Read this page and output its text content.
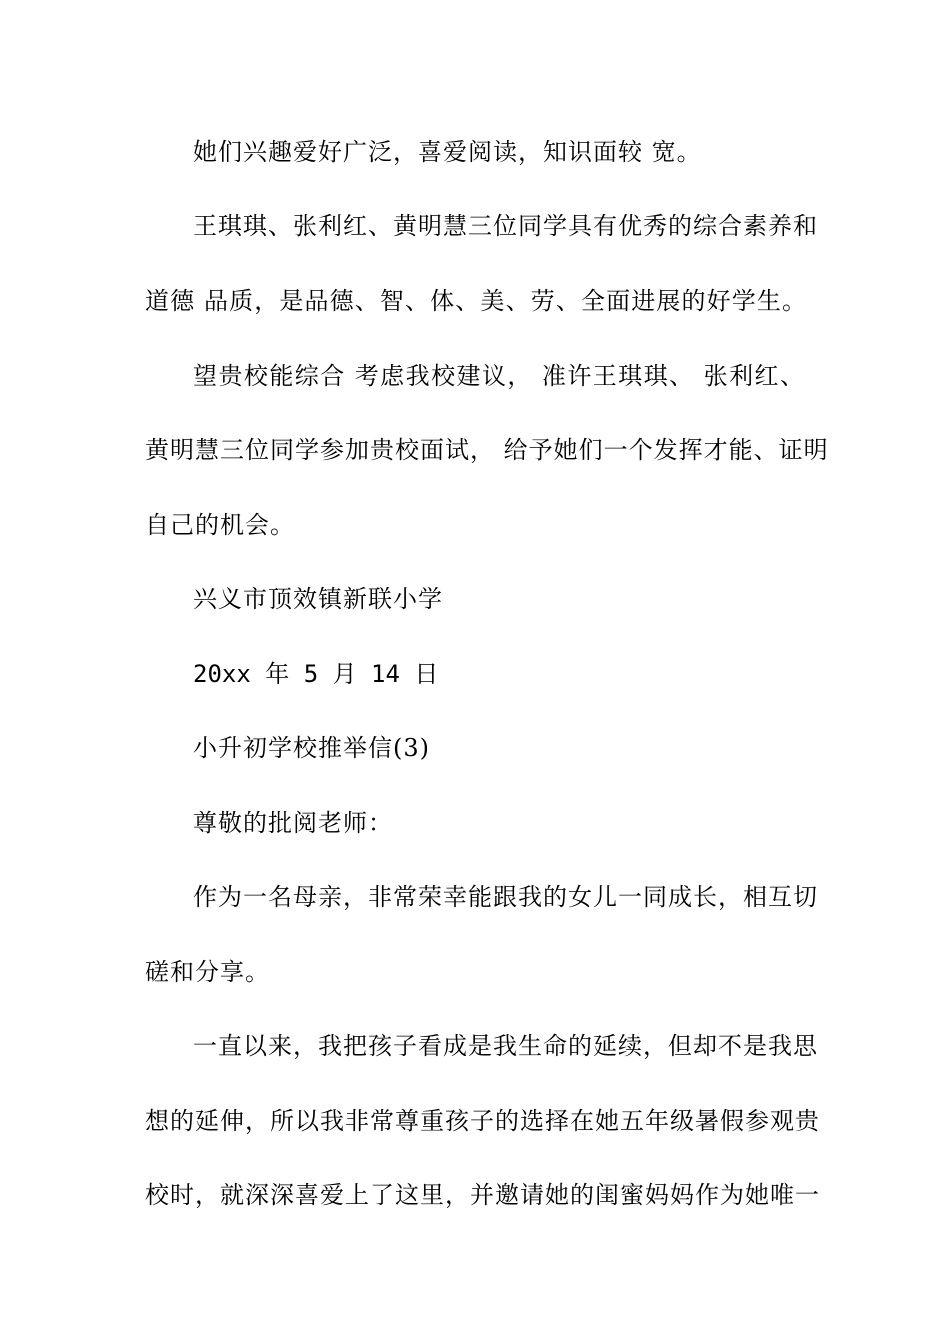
她们兴趣爱好广泛，喜爱阅读，知识面较 宽。
王琪琪、张利红、黄明慧三位同学具有优秀的综合素养和
道德 品质，是品德、智、体、美、劳、全面进展的好学生。
望贵校能综合 考虑我校建议， 准许王琪琪、 张利红、
黄明慧三位同学参加贵校面试， 给予她们一个发挥才能、证明
自己的机会。
兴义市顶效镇新联小学
20xx 年 5 月 14 日
小升初学校推举信(3)
尊敬的批阅老师：
作为一名母亲，非常荣幸能跟我的女儿一同成长，相互切
磋和分享。
一直以来，我把孩子看成是我生命的延续，但却不是我思
想的延伸，所以我非常尊重孩子的选择在她五年级暑假参观贵
校时，就深深喜爱上了这里，并邀请她的闺蜜妈妈作为她唯一
